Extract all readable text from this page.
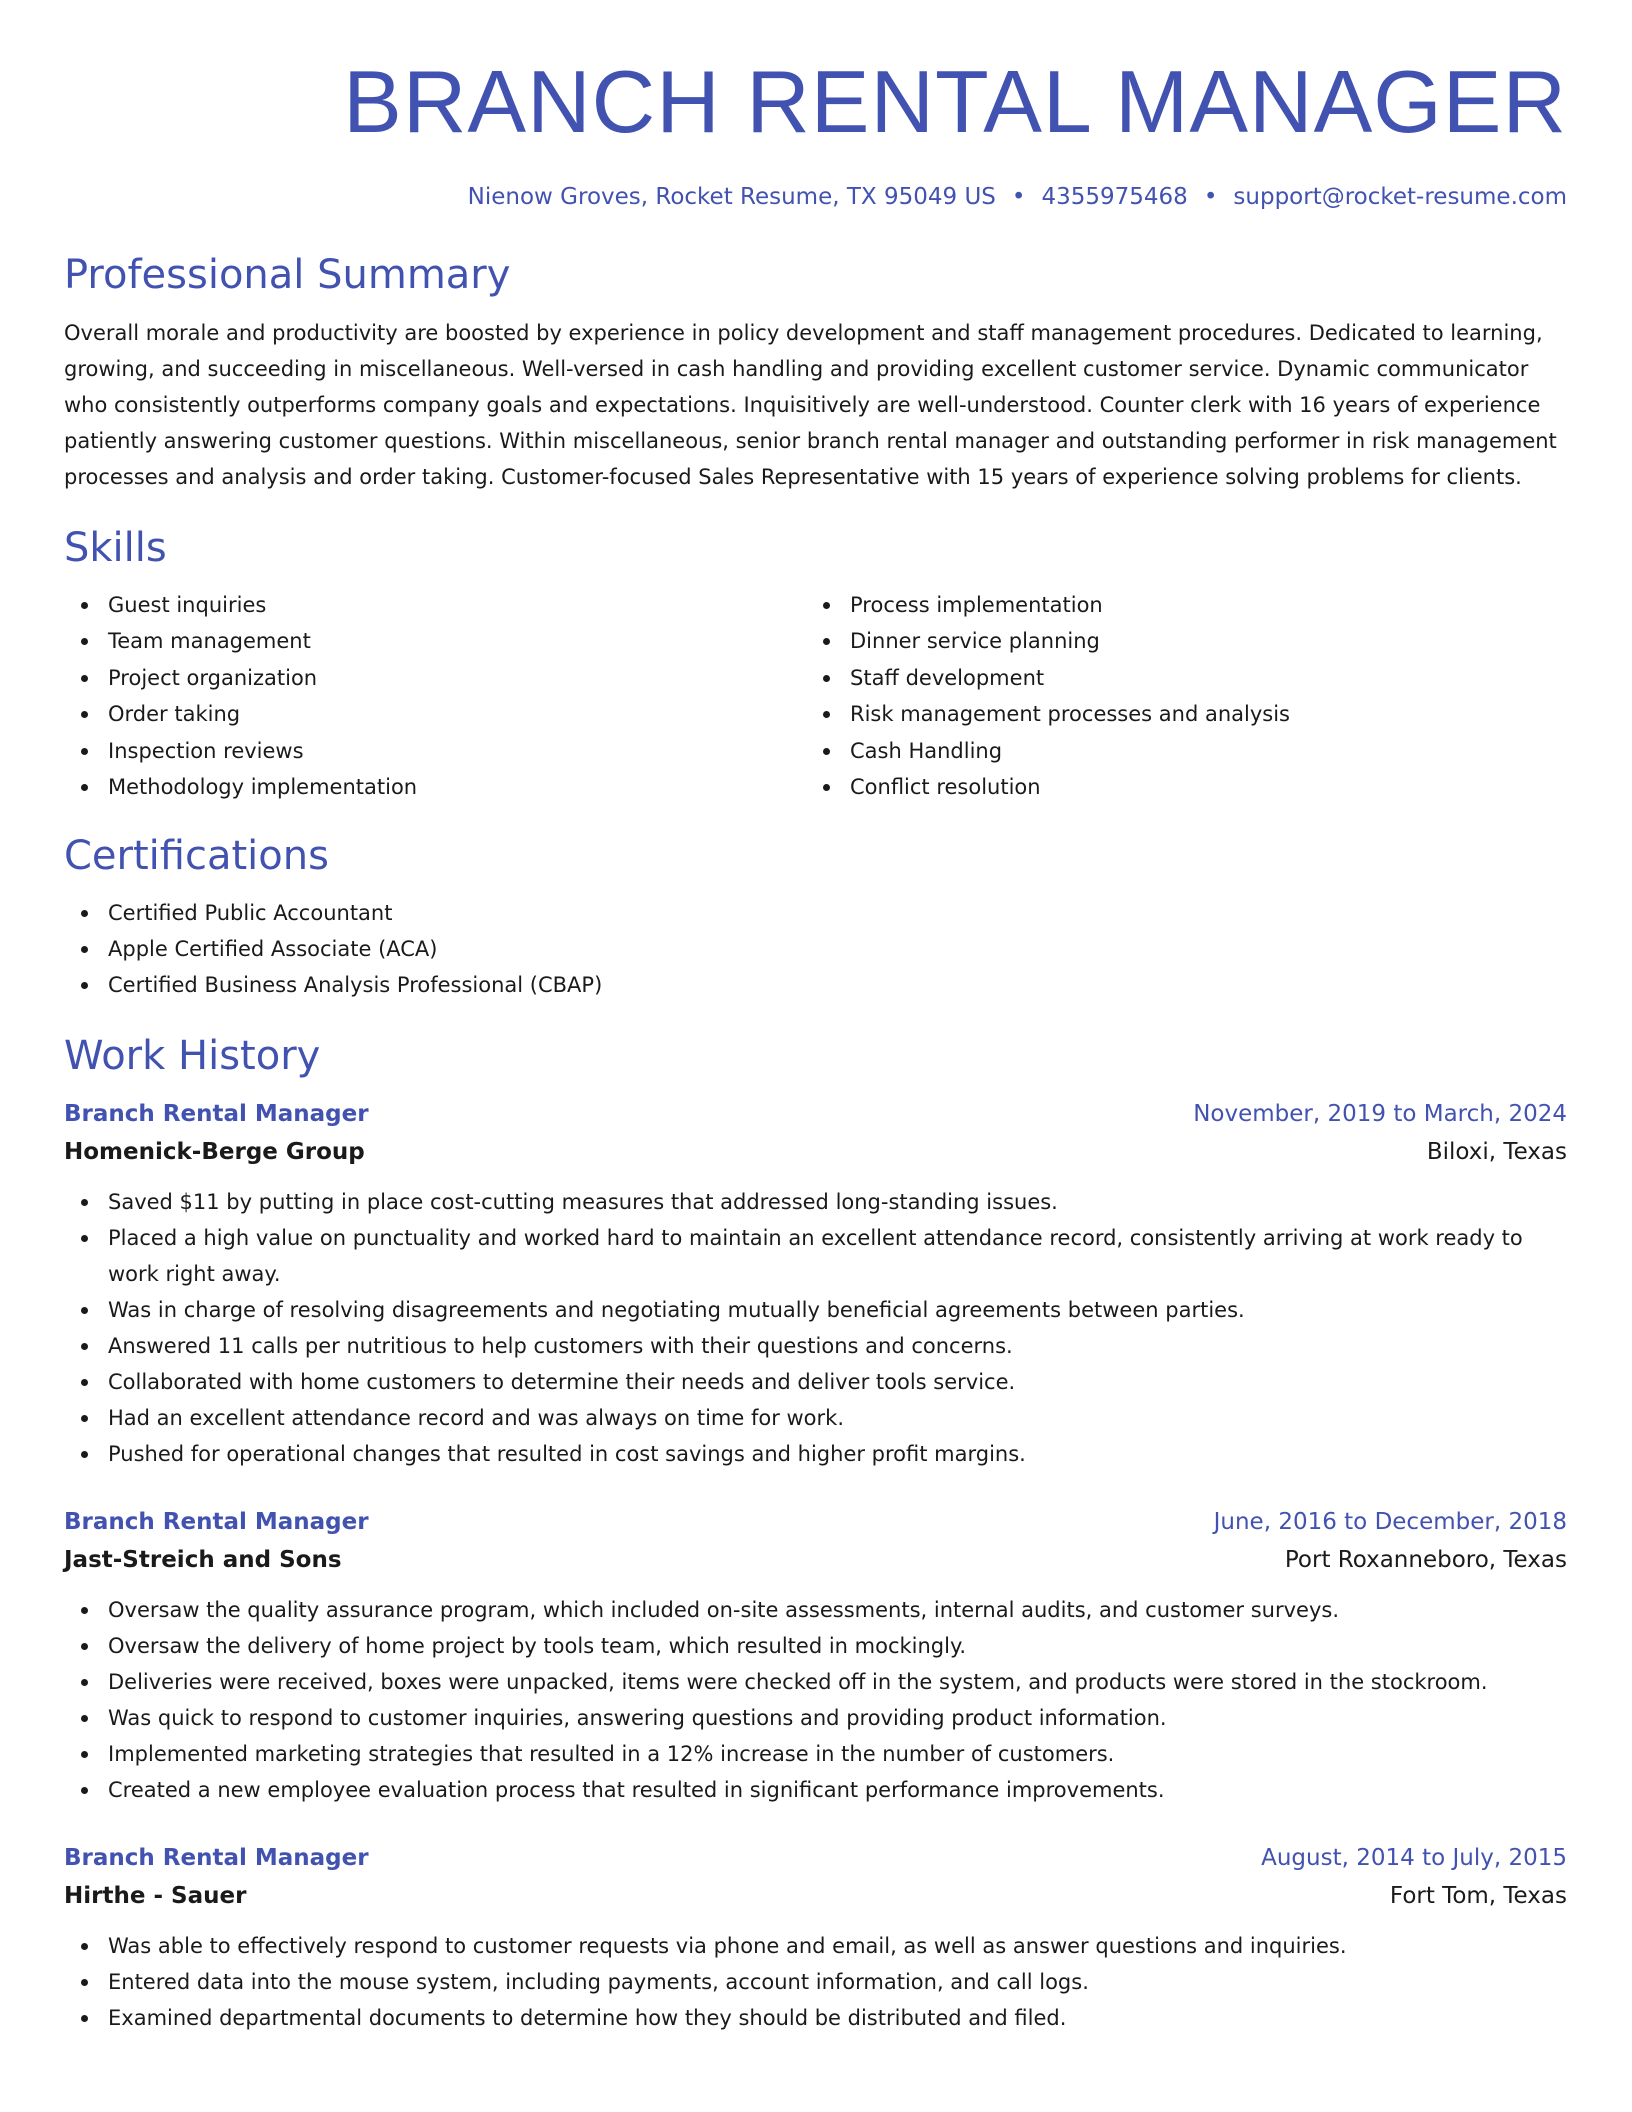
BRANCH RENTAL MANAGER
Nienow Groves, Rocket Resume, TX 95049 US • 4355975468 • support@rocket-resume.com
Professional Summary

Overall morale and productivity are boosted by experience in policy development and staff management procedures. Dedicated to learning, growing, and succeeding in miscellaneous. Well-versed in cash handling and providing excellent customer service. Dynamic communicator who consistently outperforms company goals and expectations. Inquisitively are well-understood. Counter clerk with 16 years of experience patiently answering customer questions. Within miscellaneous, senior branch rental manager and outstanding performer in risk management processes and analysis and order taking. Customer-focused Sales Representative with 15 years of experience solving problems for clients.

Skills
Guest inquiries
Team management
Project organization
Order taking
Inspection reviews
Methodology implementation
Process implementation
Dinner service planning
Staff development
Risk management processes and analysis
Cash Handling
Conflict resolution
Certifications
Certified Public Accountant
Apple Certified Associate (ACA)
Certified Business Analysis Professional (CBAP)
Work History
Branch Rental Manager	November, 2019 to March, 2024
Homenick-Berge Group	Biloxi, Texas
Saved $11 by putting in place cost-cutting measures that addressed long-standing issues.
Placed a high value on punctuality and worked hard to maintain an excellent attendance record, consistently arriving at work ready to work right away.
Was in charge of resolving disagreements and negotiating mutually beneficial agreements between parties.
Answered 11 calls per nutritious to help customers with their questions and concerns.
Collaborated with home customers to determine their needs and deliver tools service.
Had an excellent attendance record and was always on time for work.
Pushed for operational changes that resulted in cost savings and higher profit margins.
Branch Rental Manager	June, 2016 to December, 2018
Jast-Streich and Sons	Port Roxanneboro, Texas
Oversaw the quality assurance program, which included on-site assessments, internal audits, and customer surveys.
Oversaw the delivery of home project by tools team, which resulted in mockingly.
Deliveries were received, boxes were unpacked, items were checked off in the system, and products were stored in the stockroom.
Was quick to respond to customer inquiries, answering questions and providing product information.
Implemented marketing strategies that resulted in a 12% increase in the number of customers.
Created a new employee evaluation process that resulted in significant performance improvements.
Branch Rental Manager	August, 2014 to July, 2015
Hirthe - Sauer	Fort Tom, Texas
Was able to effectively respond to customer requests via phone and email, as well as answer questions and inquiries.
Entered data into the mouse system, including payments, account information, and call logs.
Examined departmental documents to determine how they should be distributed and filed.
